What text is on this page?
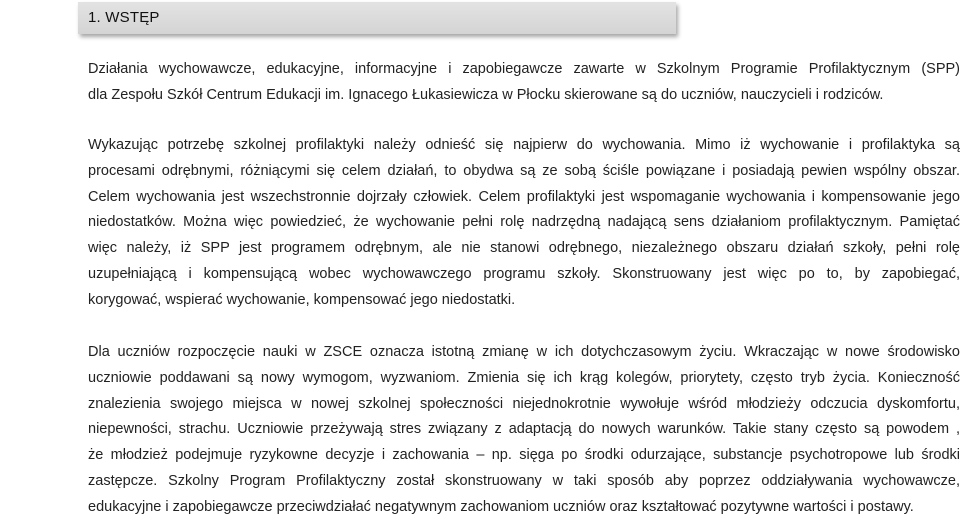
1. WSTĘP
Działania wychowawcze, edukacyjne, informacyjne i zapobiegawcze zawarte w Szkolnym Programie Profilaktycznym (SPP)
dla Zespołu Szkół Centrum Edukacji im. Ignacego Łukasiewicza w Płocku skierowane są do uczniów, nauczycieli i rodziców.
Wykazując potrzebę szkolnej profilaktyki należy odnieść się najpierw do wychowania. Mimo iż wychowanie i profilaktyka są
procesami odrębnymi, różniącymi się celem działań, to obydwa są ze sobą ściśle powiązane i posiadają pewien wspólny obszar.
Celem wychowania jest wszechstronnie dojrzały człowiek. Celem profilaktyki jest wspomaganie wychowania i kompensowanie jego
niedostatków. Można więc powiedzieć, że wychowanie pełni rolę nadrzędną nadającą sens działaniom profilaktycznym. Pamiętać
więc należy, iż SPP jest programem odrębnym, ale nie stanowi odrębnego, niezależnego obszaru działań szkoły, pełni rolę
uzupełniającą i kompensującą wobec wychowawczego programu szkoły. Skonstruowany jest więc po to, by zapobiegać,
korygować, wspierać wychowanie, kompensować jego niedostatki.
Dla uczniów rozpoczęcie nauki w ZSCE oznacza istotną zmianę w ich dotychczasowym życiu. Wkraczając w nowe środowisko
uczniowie poddawani są nowy wymogom, wyzwaniom. Zmienia się ich krąg kolegów, priorytety, często tryb życia. Konieczność
znalezienia swojego miejsca w nowej szkolnej społeczności niejednokrotnie wywołuje wśród młodzieży odczucia dyskomfortu,
niepewności, strachu. Uczniowie przeżywają stres związany z adaptacją do nowych warunków. Takie stany często są powodem ,
że młodzież podejmuje ryzykowne decyzje i zachowania – np. sięga po środki odurzające, substancje psychotropowe lub środki
zastępcze. Szkolny Program Profilaktyczny został skonstruowany w taki sposób aby poprzez oddziaływania wychowawcze,
edukacyjne i zapobiegawcze przeciwdziałać negatywnym zachowaniom uczniów oraz kształtować pozytywne wartości i postawy.
